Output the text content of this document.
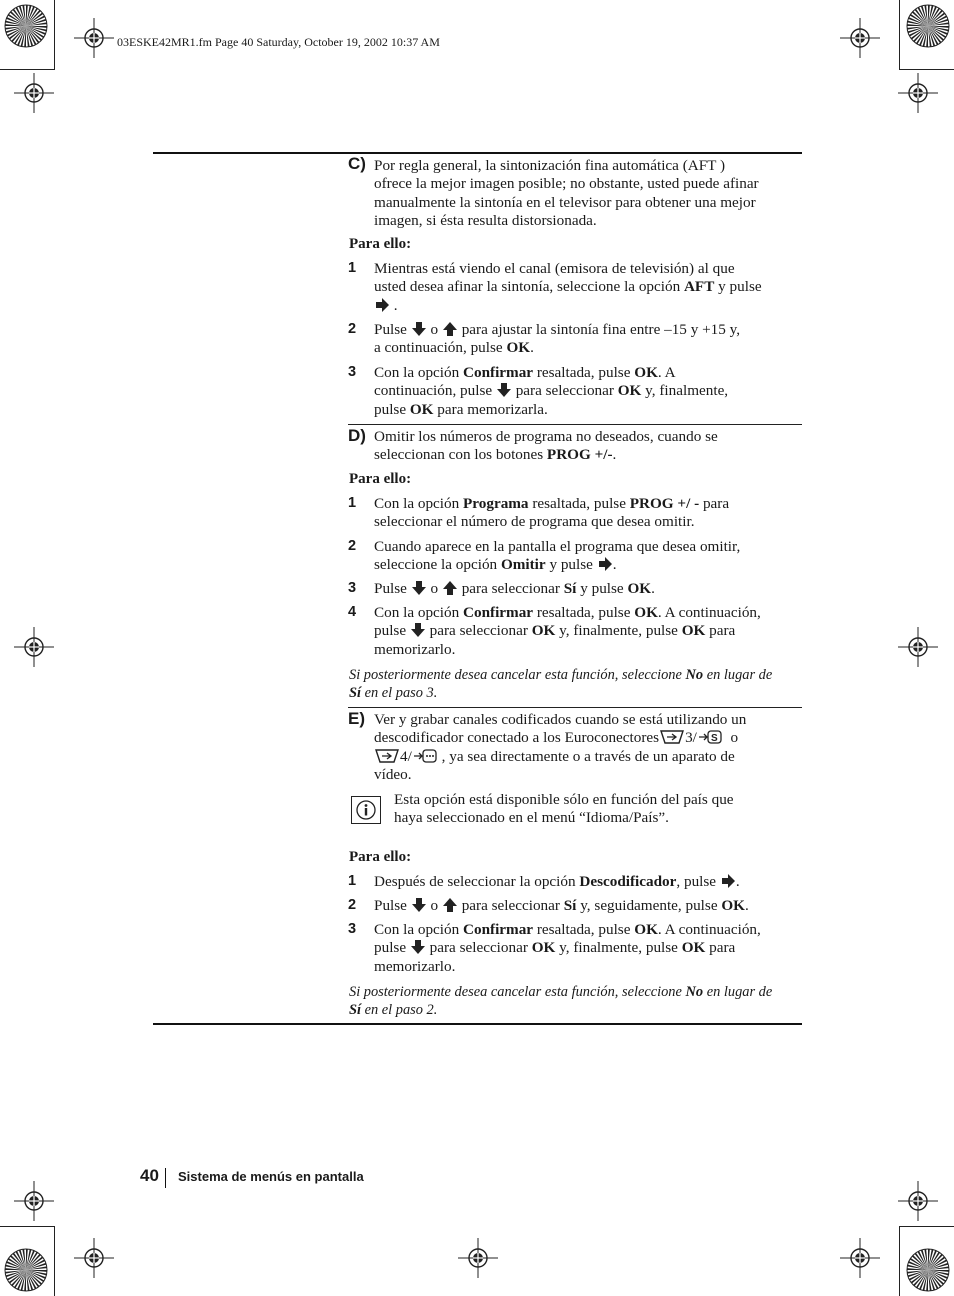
03ESKE42MR1.fm Page 40 Saturday, October 19, 2002 10:37 AM
C) Por regla general, la sintonización fina automática (AFT )
ofrece la mejor imagen posible; no obstante, usted puede afinar
manualmente la sintonía en el televisor para obtener una mejor
imagen, si ésta resulta distorsionada.
Para ello:
1 Mientras está viendo el canal (emisora de televisión) al que
usted desea afinar la sintonía, seleccione la opción AFT y pulse
.
2 Pulse o para ajustar la sintonía fina entre –15 y +15 y,
a continuación, pulse OK.
3 Con la opción Confirmar resaltada, pulse OK. A
continuación, pulse  para seleccionar OK y, finalmente,
pulse OK para memorizarla.
D) Omitir los números de programa no deseados, cuando se
seleccionan con los botones PROG +/-.
Para ello:
1 Con la opción Programa resaltada, pulse PROG +/ - para
seleccionar el número de programa que desea omitir.
2 Cuando aparece en la pantalla el programa que desea omitir,
seleccione la opción Omitir y pulse .
3 Pulse o para seleccionar Sí y pulse OK.
4 Con la opción Confirmar resaltada, pulse OK. A continuación,
pulse para seleccionar OK y, finalmente, pulse OK para
memorizarlo.
Si posteriormente desea cancelar esta función, seleccione No en lugar de
Sí en el paso 3.
E) Ver y grabar canales codificados cuando se está utilizando un
descodificador conectado a los Euroconectores 3/ S o
4/ , ya sea directamente o a través de un aparato de
vídeo.
Esta opción está disponible sólo en función del país que
haya seleccionado en el menú “Idioma/País”.
Para ello:
1 Después de seleccionar la opción Descodificador, pulse .
2 Pulse o para seleccionar Sí y, seguidamente, pulse OK.
3 Con la opción Confirmar resaltada, pulse OK. A continuación,
pulse para seleccionar OK y, finalmente, pulse OK para
memorizarlo.
Si posteriormente desea cancelar esta función, seleccione No en lugar de
Sí en el paso 2.
40 Sistema de menús en pantalla
